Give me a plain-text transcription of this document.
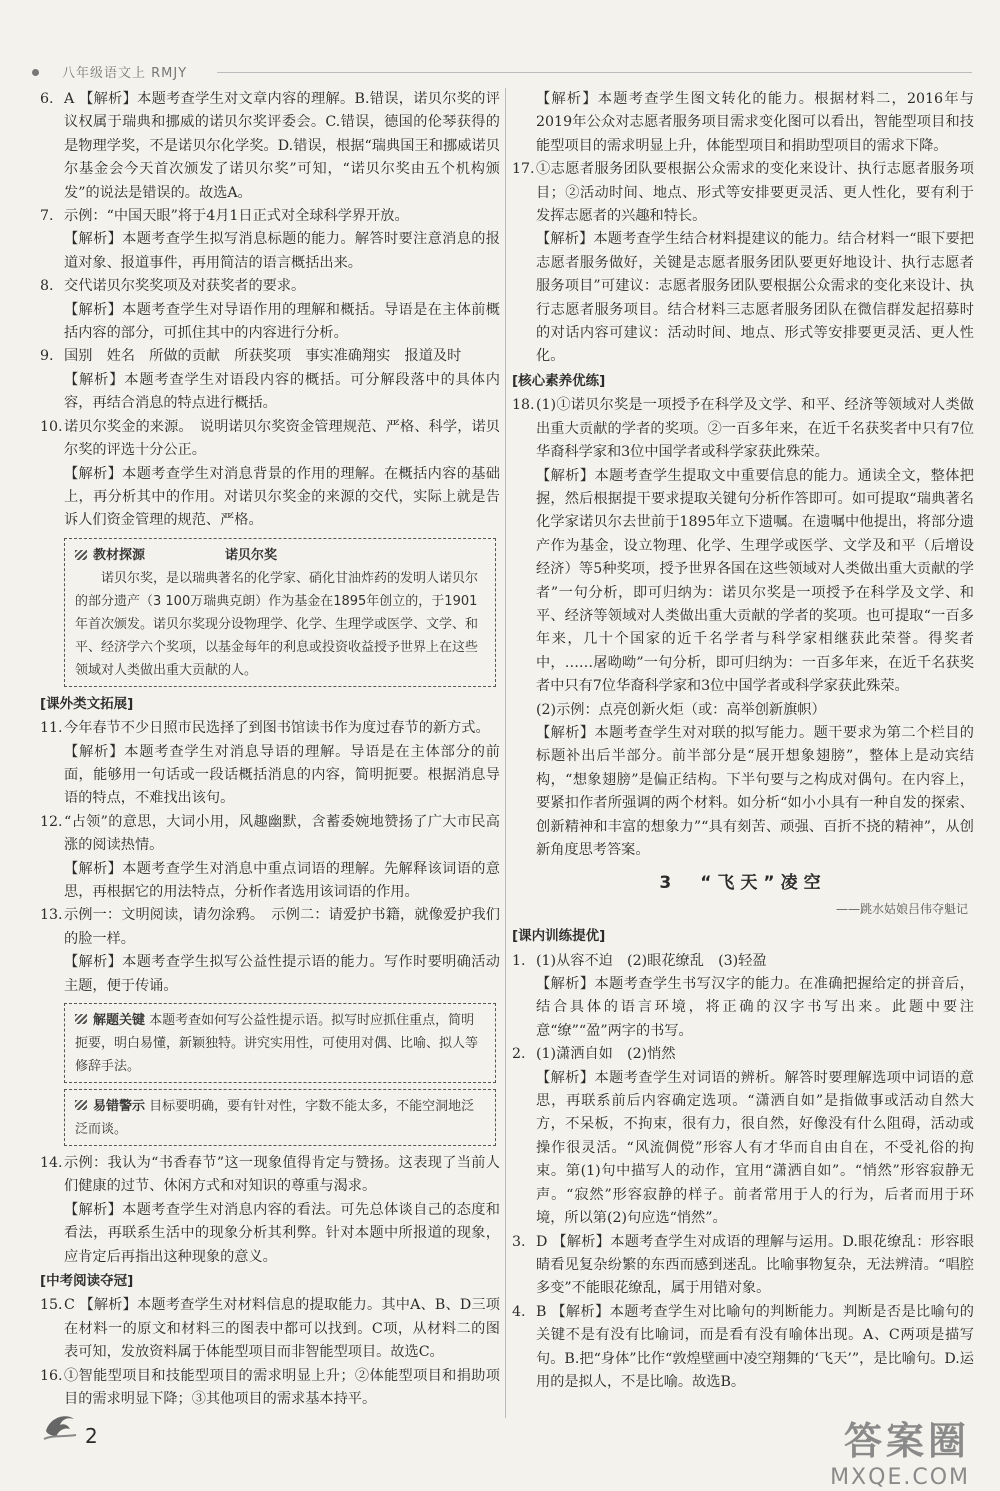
八年级语文上 RMJY
6. A 【解析】本题考查学生对文章内容的理解。B.错误，诺贝尔奖的评议权属于瑞典和挪威的诺贝尔奖评委会。C.错误，德国的伦琴获得的是物理学奖，不是诺贝尔化学奖。D.错误，根据“瑞典国王和挪威诺贝尔基金会今天首次颁发了诺贝尔奖”可知，“诺贝尔奖由五个机构颁发”的说法是错误的。故选A。

7. 示例：“中国天眼”将于4月1日正式对全球科学界开放。

【解析】本题考查学生拟写消息标题的能力。解答时要注意消息的报道对象、报道事件，再用简洁的语言概括出来。

8. 交代诺贝尔奖奖项及对获奖者的要求。

【解析】本题考查学生对导语作用的理解和概括。导语是在主体前概括内容的部分，可抓住其中的内容进行分析。

9. 国别　姓名　所做的贡献　所获奖项　事实准确翔实　报道及时

【解析】本题考查学生对语段内容的概括。可分解段落中的具体内容，再结合消息的特点进行概括。

10. 诺贝尔奖金的来源。　说明诺贝尔奖资金管理规范、严格、科学，诺贝尔奖的评选十分公正。

【解析】本题考查学生对消息背景的作用的理解。在概括内容的基础上，再分析其中的作用。对诺贝尔奖金的来源的交代，实际上就是告诉人们资金管理的规范、严格。

教材探源	诺贝尔奖
诺贝尔奖，是以瑞典著名的化学家、硝化甘油炸药的发明人诺贝尔的部分遗产（3 100万瑞典克朗）作为基金在1895年创立的，于1901年首次颁发。诺贝尔奖现分设物理学、化学、生理学或医学、文学、和平、经济学六个奖项，以基金每年的利息或投资收益授予世界上在这些领域对人类做出重大贡献的人。
[课外类文拓展]
11. 今年春节不少日照市民选择了到图书馆读书作为度过春节的新方式。

【解析】本题考查学生对消息导语的理解。导语是在主体部分的前面，能够用一句话或一段话概括消息的内容，简明扼要。根据消息导语的特点，不难找出该句。

12. “占领”的意思，大词小用，风趣幽默，含蓄委婉地赞扬了广大市民高涨的阅读热情。

【解析】本题考查学生对消息中重点词语的理解。先解释该词语的意思，再根据它的用法特点，分析作者选用该词语的作用。

13. 示例一：文明阅读，请勿涂鸦。　示例二：请爱护书籍，就像爱护我们的脸一样。

【解析】本题考查学生拟写公益性提示语的能力。写作时要明确活动主题，便于传诵。

解题关键 本题考查如何写公益性提示语。拟写时应抓住重点，简明扼要，明白易懂，新颖独特。讲究实用性，可使用对偶、比喻、拟人等修辞手法。
易错警示 目标要明确，要有针对性，字数不能太多，不能空洞地泛泛而谈。
14. 示例：我认为“书香春节”这一现象值得肯定与赞扬。这表现了当前人们健康的过节、休闲方式和对知识的尊重与渴求。

【解析】本题考查学生对消息内容的看法。可先总体谈自己的态度和看法，再联系生活中的现象分析其利弊。针对本题中所报道的现象，应肯定后再指出这种现象的意义。

[中考阅读夺冠]
15. C 【解析】本题考查学生对材料信息的提取能力。其中A、B、D三项在材料一的原文和材料三的图表中都可以找到。C项，从材料二的图表可知，发放资料属于体能型项目而非智能型项目。故选C。

16. ①智能型项目和技能型项目的需求明显上升；②体能型项目和捐助项目的需求明显下降；③其他项目的需求基本持平。

【解析】本题考查学生图文转化的能力。根据材料二，2016年与2019年公众对志愿者服务项目需求变化图可以看出，智能型项目和技能型项目的需求明显上升，体能型项目和捐助型项目的需求下降。

17. ①志愿者服务团队要根据公众需求的变化来设计、执行志愿者服务项目；②活动时间、地点、形式等安排要更灵活、更人性化，要有利于发挥志愿者的兴趣和特长。

【解析】本题考查学生结合材料提建议的能力。结合材料一“眼下要把志愿者服务做好，关键是志愿者服务团队要更好地设计、执行志愿者服务项目”可建议：志愿者服务团队要根据公众需求的变化来设计、执行志愿者服务项目。结合材料三志愿者服务团队在微信群发起招募时的对话内容可建议：活动时间、地点、形式等安排要更灵活、更人性化。

[核心素养优练]
18. (1)①诺贝尔奖是一项授予在科学及文学、和平、经济等领域对人类做出重大贡献的学者的奖项。②一百多年来，在近千名获奖者中只有7位华裔科学家和3位中国学者或科学家获此殊荣。

【解析】本题考查学生提取文中重要信息的能力。通读全文，整体把握，然后根据提干要求提取关键句分析作答即可。如可提取“瑞典著名化学家诺贝尔去世前于1895年立下遗嘱。在遗嘱中他提出，将部分遗产作为基金，设立物理、化学、生理学或医学、文学及和平（后增设经济）等5种奖项，授予世界各国在这些领域对人类做出重大贡献的学者”一句分析，即可归纳为：诺贝尔奖是一项授予在科学及文学、和平、经济等领域对人类做出重大贡献的学者的奖项。也可提取“一百多年来，几十个国家的近千名学者与科学家相继获此荣誉。得奖者中，……屠呦呦”一句分析，即可归纳为：一百多年来，在近千名获奖者中只有7位华裔科学家和3位中国学者或科学家获此殊荣。

(2)示例：点亮创新火炬（或：高举创新旗帜）

【解析】本题考查学生对对联的拟写能力。题干要求为第二个栏目的标题补出后半部分。前半部分是“展开想象翅膀”，整体上是动宾结构，“想象翅膀”是偏正结构。下半句要与之构成对偶句。在内容上，要紧扣作者所强调的两个材料。如分析“如小小具有一种自发的探索、创新精神和丰富的想象力”“具有刻苦、顽强、百折不挠的精神”，从创新角度思考答案。

3　“飞天”凌空
——跳水姑娘吕伟夺魁记
[课内训练提优]
1. (1)从容不迫　(2)眼花缭乱　(3)轻盈

【解析】本题考查学生书写汉字的能力。在准确把握给定的拼音后，结合具体的语言环境，将正确的汉字书写出来。此题中要注意“缭”“盈”两字的书写。

2. (1)潇洒自如　(2)悄然

【解析】本题考查学生对词语的辨析。解答时要理解选项中词语的意思，再联系前后内容确定选项。“潇洒自如”是指做事或活动自然大方，不呆板，不拘束，很有力，很自然，好像没有什么阻碍，活动或操作很灵活。“风流倜傥”形容人有才华而自由自在，不受礼俗的拘束。第(1)句中描写人的动作，宜用“潇洒自如”。“悄然”形容寂静无声。“寂然”形容寂静的样子。前者常用于人的行为，后者而用于环境，所以第(2)句应选“悄然”。

3. D 【解析】本题考查学生对成语的理解与运用。D.眼花缭乱：形容眼睛看见复杂纷繁的东西而感到迷乱。比喻事物复杂，无法辨清。“唱腔多变”不能眼花缭乱，属于用错对象。

4. B 【解析】本题考查学生对比喻句的判断能力。判断是否是比喻句的关键不是有没有比喻词，而是看有没有喻体出现。A、C两项是描写句。B.把“身体”比作“敦煌壁画中凌空翔舞的‘飞天’”，是比喻句。D.运用的是拟人，不是比喻。故选B。

2	答案圈
MXQE.COM
